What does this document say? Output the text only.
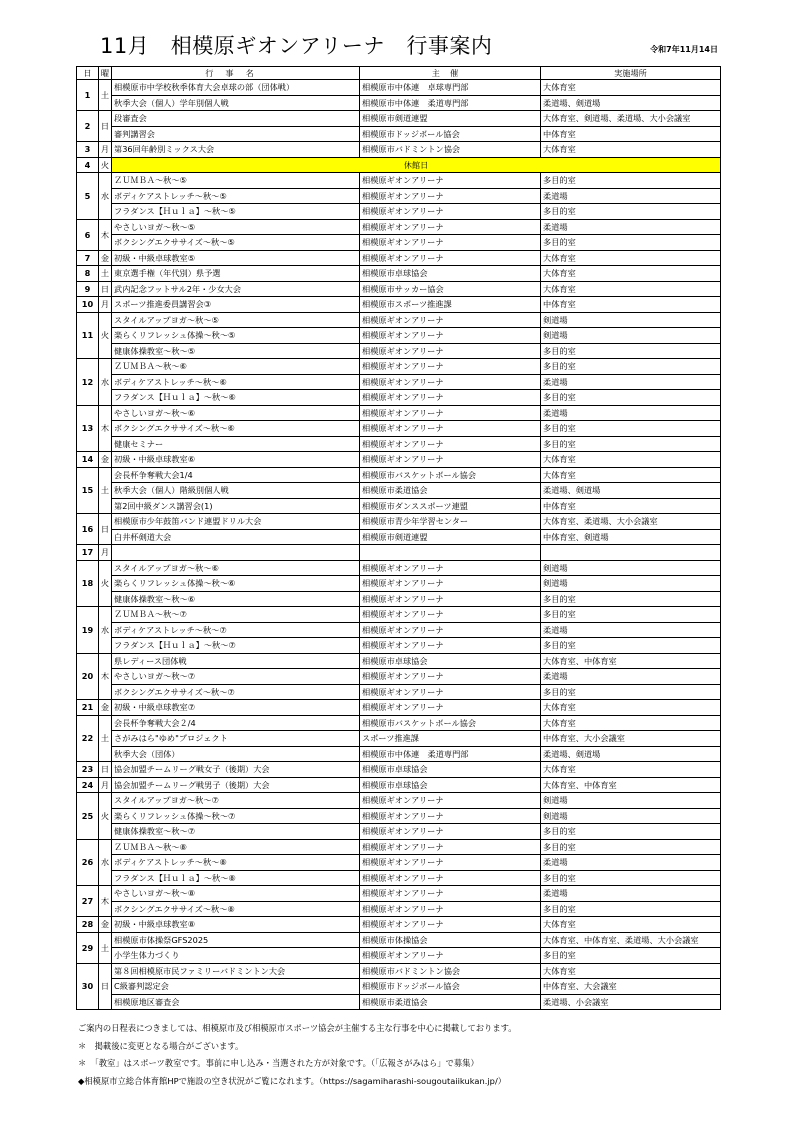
11月　相模原ギオンアリーナ　行事案内	令和7年11月14日
日	曜	行事名	主催	実施場所
1	土	相模原市中学校秋季体育大会卓球の部（団体戦）	相模原市中体連　卓球専門部	大体育室
		秋季大会（個人）学年別個人戦	相模原市中体連　柔道専門部	柔道場、剣道場
2	日	段審査会	相模原市剣道連盟	大体育室、剣道場、柔道場、大小会議室
		審判講習会	相模原市ドッジボール協会	中体育室
3	月	第36回年齢別ミックス大会	相模原市バドミントン協会	大体育室
4	火	休館日		
5	水	ＺＵＭＢＡ～秋～⑤	相模原ギオンアリーナ	多目的室
		ボディケアストレッチ～秋～⑤	相模原ギオンアリーナ	柔道場
		フラダンス【Ｈｕｌａ】～秋～⑤	相模原ギオンアリーナ	多目的室
6	木	やさしいヨガ～秋～⑤	相模原ギオンアリーナ	柔道場
		ボクシングエクササイズ～秋～⑤	相模原ギオンアリーナ	多目的室
7	金	初級・中級卓球教室⑤	相模原ギオンアリーナ	大体育室
8	土	東京選手権（年代別）県予選	相模原市卓球協会	大体育室
9	日	武内記念フットサル2年・少女大会	相模原市サッカー協会	大体育室
10	月	スポーツ推進委員講習会③	相模原市スポーツ推進課	中体育室
11	火	スタイルアップヨガ～秋～⑤	相模原ギオンアリーナ	剣道場
		楽らくリフレッシュ体操～秋～⑤	相模原ギオンアリーナ	剣道場
		健康体操教室～秋～⑤	相模原ギオンアリーナ	多目的室
12	水	ＺＵＭＢＡ～秋～⑥	相模原ギオンアリーナ	多目的室
		ボディケアストレッチ～秋～⑥	相模原ギオンアリーナ	柔道場
		フラダンス【Ｈｕｌａ】～秋～⑥	相模原ギオンアリーナ	多目的室
13	木	やさしいヨガ～秋～⑥	相模原ギオンアリーナ	柔道場
		ボクシングエクササイズ～秋～⑥	相模原ギオンアリーナ	多目的室
		健康セミナー	相模原ギオンアリーナ	多目的室
14	金	初級・中級卓球教室⑥	相模原ギオンアリーナ	大体育室
15	土	会長杯争奪戦大会1/4	相模原市バスケットボール協会	大体育室
		秋季大会（個人）階級別個人戦	相模原市柔道協会	柔道場、剣道場
		第2回中級ダンス講習会(1)	相模原市ダンススポーツ連盟	中体育室
16	日	相模原市少年鼓笛バンド連盟ドリル大会	相模原市青少年学習センター	大体育室、柔道場、大小会議室
		白井杯剣道大会	相模原市剣道連盟	中体育室、剣道場
17	月			
18	火	スタイルアップヨガ～秋～⑥	相模原ギオンアリーナ	剣道場
		楽らくリフレッシュ体操～秋～⑥	相模原ギオンアリーナ	剣道場
		健康体操教室～秋～⑥	相模原ギオンアリーナ	多目的室
19	水	ＺＵＭＢＡ～秋～⑦	相模原ギオンアリーナ	多目的室
		ボディケアストレッチ～秋～⑦	相模原ギオンアリーナ	柔道場
		フラダンス【Ｈｕｌａ】～秋～⑦	相模原ギオンアリーナ	多目的室
20	木	県レディース団体戦	相模原市卓球協会	大体育室、中体育室
		やさしいヨガ～秋～⑦	相模原ギオンアリーナ	柔道場
		ボクシングエクササイズ～秋～⑦	相模原ギオンアリーナ	多目的室
21	金	初級・中級卓球教室⑦	相模原ギオンアリーナ	大体育室
22	土	会長杯争奪戦大会２/4	相模原市バスケットボール協会	大体育室
		さがみはら"ゆめ"プロジェクト	スポーツ推進課	中体育室、大小会議室
		秋季大会（団体）	相模原市中体連　柔道専門部	柔道場、剣道場
23	日	協会加盟チームリーグ戦女子（後期）大会	相模原市卓球協会	大体育室
24	月	協会加盟チームリーグ戦男子（後期）大会	相模原市卓球協会	大体育室、中体育室
25	火	スタイルアップヨガ～秋～⑦	相模原ギオンアリーナ	剣道場
		楽らくリフレッシュ体操～秋～⑦	相模原ギオンアリーナ	剣道場
		健康体操教室～秋～⑦	相模原ギオンアリーナ	多目的室
26	水	ＺＵＭＢＡ～秋～⑧	相模原ギオンアリーナ	多目的室
		ボディケアストレッチ～秋～⑧	相模原ギオンアリーナ	柔道場
		フラダンス【Ｈｕｌａ】～秋～⑧	相模原ギオンアリーナ	多目的室
27	木	やさしいヨガ～秋～⑧	相模原ギオンアリーナ	柔道場
		ボクシングエクササイズ～秋～⑧	相模原ギオンアリーナ	多目的室
28	金	初級・中級卓球教室⑧	相模原ギオンアリーナ	大体育室
29	土	相模原市体操祭GFS2025	相模原市体操協会	大体育室、中体育室、柔道場、大小会議室
		小学生体力づくり	相模原ギオンアリーナ	多目的室
30	日	第８回相模原市民ファミリーバドミントン大会	相模原市バドミントン協会	大体育室
		C級審判認定会	相模原市ドッジボール協会	中体育室、大会議室
		相模原地区審査会	相模原市柔道協会	柔道場、小会議室
ご案内の日程表につきましては、相模原市及び相模原市スポーツ協会が主催する主な行事を中心に掲載しております。
＊　掲載後に変更となる場合がございます。
＊　「教室」はスポーツ教室です。事前に申し込み・当選された方が対象です。（「広報さがみはら」で募集）
◆相模原市立総合体育館HPで施設の空き状況がご覧になれます。（https://sagamiharashi-sougoutaiikukan.jp/）
